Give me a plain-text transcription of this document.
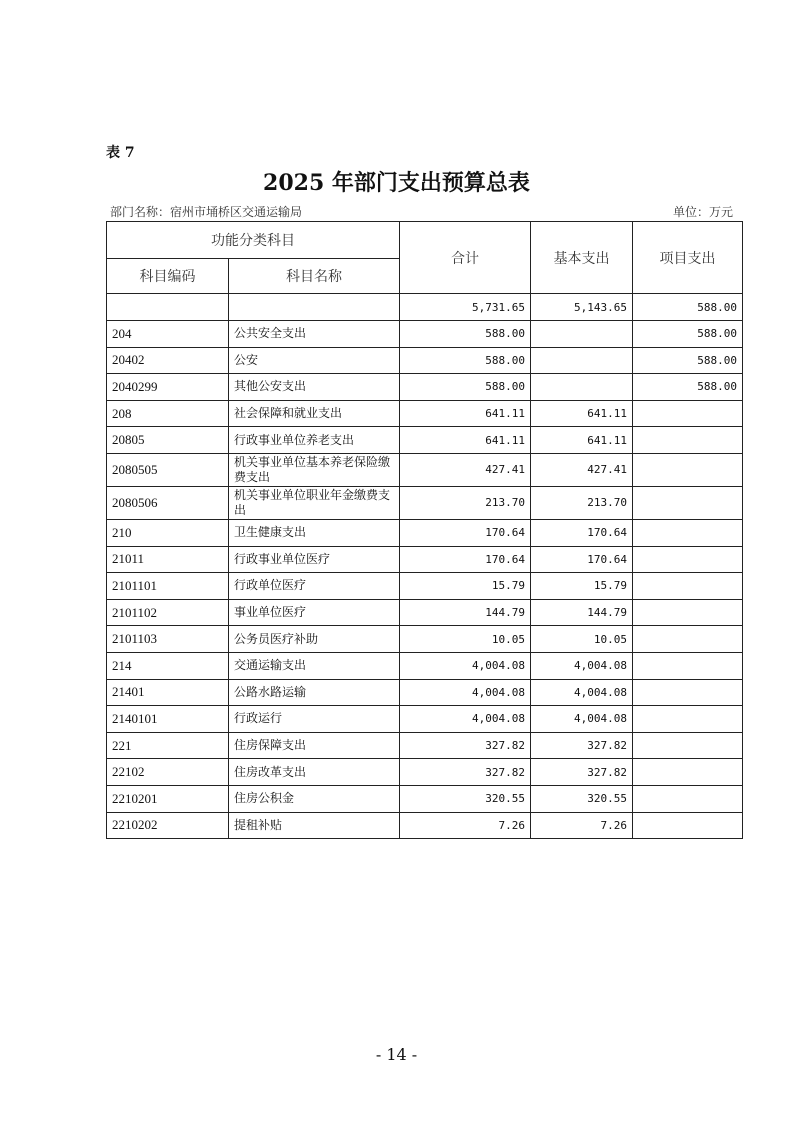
表 7
2025 年部门支出预算总表
部门名称：宿州市埇桥区交通运输局	单位：万元
功能分类科目		合计	基本支出	项目支出
科目编码	科目名称			
		5,731.65	5,143.65	588.00
204	公共安全支出	588.00		588.00
20402	公安	588.00		588.00
2040299	其他公安支出	588.00		588.00
208	社会保障和就业支出	641.11	641.11	
20805	行政事业单位养老支出	641.11	641.11	
2080505	机关事业单位基本养老保险缴费支出	427.41	427.41	
2080506	机关事业单位职业年金缴费支出	213.70	213.70	
210	卫生健康支出	170.64	170.64	
21011	行政事业单位医疗	170.64	170.64	
2101101	行政单位医疗	15.79	15.79	
2101102	事业单位医疗	144.79	144.79	
2101103	公务员医疗补助	10.05	10.05	
214	交通运输支出	4,004.08	4,004.08	
21401	公路水路运输	4,004.08	4,004.08	
2140101	行政运行	4,004.08	4,004.08	
221	住房保障支出	327.82	327.82	
22102	住房改革支出	327.82	327.82	
2210201	住房公积金	320.55	320.55	
2210202	提租补贴	7.26	7.26	
- 14 -
